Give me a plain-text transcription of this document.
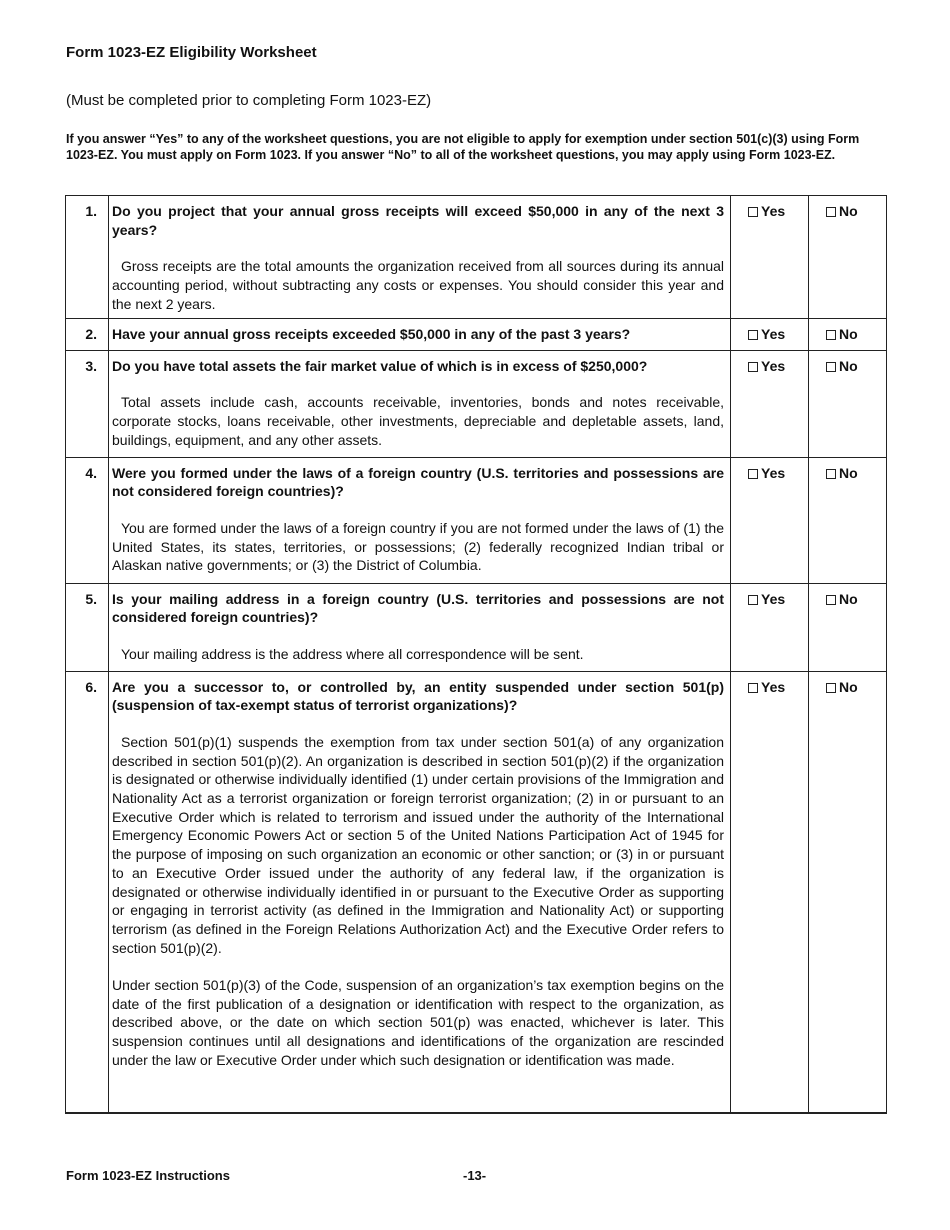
Form 1023-EZ Eligibility Worksheet

(Must be completed prior to completing Form 1023-EZ)

If you answer “Yes” to any of the worksheet questions, you are not eligible to apply for exemption under section 501(c)(3) using Form 1023-EZ. You must apply on Form 1023. If you answer “No” to all of the worksheet questions, you may apply using Form 1023-EZ.

1.	Do you project that your annual gross receipts will exceed $50,000 in any of the next 3 years?

Gross receipts are the total amounts the organization received from all sources during its annual accounting period, without subtracting any costs or expenses. You should consider this year and the next 2 years.	Yes	No
2.	Have your annual gross receipts exceeded $50,000 in any of the past 3 years?	Yes	No
3.	Do you have total assets the fair market value of which is in excess of $250,000?

Total assets include cash, accounts receivable, inventories, bonds and notes receivable, corporate stocks, loans receivable, other investments, depreciable and depletable assets, land, buildings, equipment, and any other assets.	Yes	No
4.	Were you formed under the laws of a foreign country (U.S. territories and possessions are not considered foreign countries)?

You are formed under the laws of a foreign country if you are not formed under the laws of (1) the United States, its states, territories, or possessions; (2) federally recognized Indian tribal or Alaskan native governments; or (3) the District of Columbia.	Yes	No
5.	Is your mailing address in a foreign country (U.S. territories and possessions are not considered foreign countries)?

Your mailing address is the address where all correspondence will be sent.	Yes	No
6.	Are you a successor to, or controlled by, an entity suspended under section 501(p) (suspension of tax-exempt status of terrorist organizations)?

Section 501(p)(1) suspends the exemption from tax under section 501(a) of any organization described in section 501(p)(2). An organization is described in section 501(p)(2) if the organization is designated or otherwise individually identified (1) under certain provisions of the Immigration and Nationality Act as a terrorist organization or foreign terrorist organization; (2) in or pursuant to an Executive Order which is related to terrorism and issued under the authority of the International Emergency Economic Powers Act or section 5 of the United Nations Participation Act of 1945 for the purpose of imposing on such organization an economic or other sanction; or (3) in or pursuant to an Executive Order issued under the authority of any federal law, if the organization is designated or otherwise individually identified in or pursuant to the Executive Order as supporting or engaging in terrorist activity (as defined in the Immigration and Nationality Act) or supporting terrorism (as defined in the Foreign Relations Authorization Act) and the Executive Order refers to section 501(p)(2).

Under section 501(p)(3) of the Code, suspension of an organization’s tax exemption begins on the date of the first publication of a designation or identification with respect to the organization, as described above, or the date on which section 501(p) was enacted, whichever is later. This suspension continues until all designations and identifications of the organization are rescinded under the law or Executive Order under which such designation or identification was made.	Yes	No

Form 1023-EZ Instructions	-13-
